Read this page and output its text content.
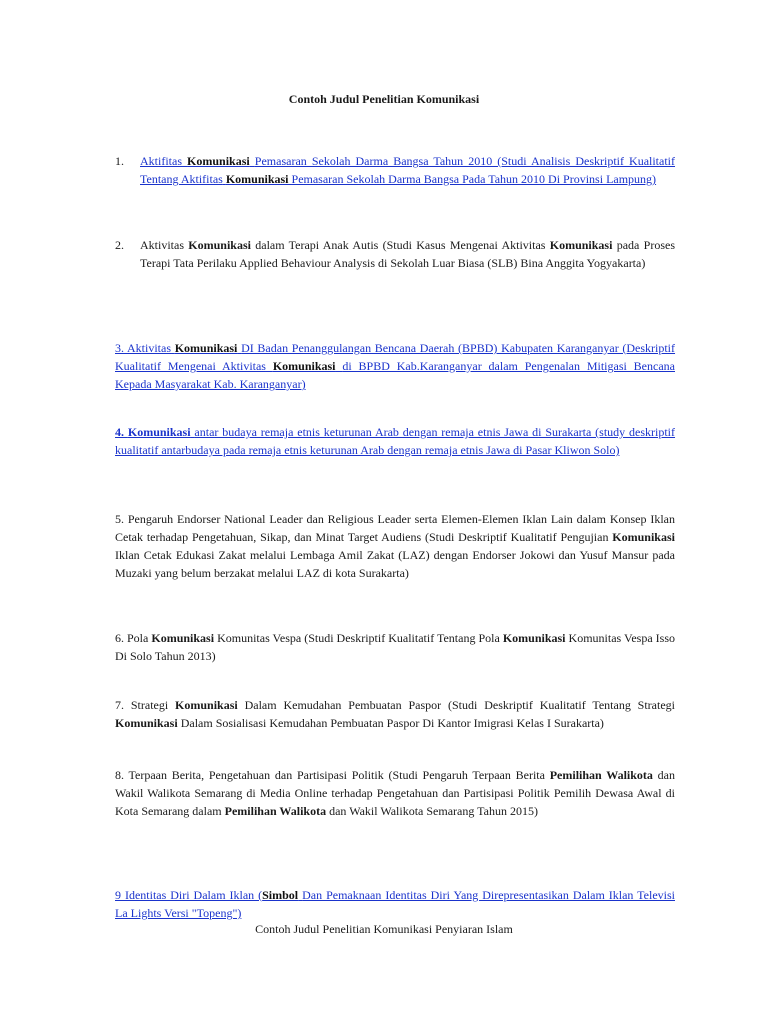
Contoh Judul Penelitian Komunikasi
1. Aktifitas Komunikasi Pemasaran Sekolah Darma Bangsa Tahun 2010 (Studi Analisis Deskriptif Kualitatif Tentang Aktifitas Komunikasi Pemasaran Sekolah Darma Bangsa Pada Tahun 2010 Di Provinsi Lampung)
2. Aktivitas Komunikasi dalam Terapi Anak Autis (Studi Kasus Mengenai Aktivitas Komunikasi pada Proses Terapi Tata Perilaku Applied Behaviour Analysis di Sekolah Luar Biasa (SLB) Bina Anggita Yogyakarta)
3. Aktivitas Komunikasi DI Badan Penanggulangan Bencana Daerah (BPBD) Kabupaten Karanganyar (Deskriptif Kualitatif Mengenai Aktivitas Komunikasi di BPBD Kab.Karanganyar dalam Pengenalan Mitigasi Bencana Kepada Masyarakat Kab. Karanganyar)
4. Komunikasi antar budaya remaja etnis keturunan Arab dengan remaja etnis Jawa di Surakarta (study deskriptif kualitatif antarbudaya pada remaja etnis keturunan Arab dengan remaja etnis Jawa di Pasar Kliwon Solo)
5. Pengaruh Endorser National Leader dan Religious Leader serta Elemen-Elemen Iklan Lain dalam Konsep Iklan Cetak terhadap Pengetahuan, Sikap, dan Minat Target Audiens (Studi Deskriptif Kualitatif Pengujian Komunikasi Iklan Cetak Edukasi Zakat melalui Lembaga Amil Zakat (LAZ) dengan Endorser Jokowi dan Yusuf Mansur pada Muzaki yang belum berzakat melalui LAZ di kota Surakarta)
6. Pola Komunikasi Komunitas Vespa (Studi Deskriptif Kualitatif Tentang Pola Komunikasi Komunitas Vespa Isso Di Solo Tahun 2013)
7. Strategi Komunikasi Dalam Kemudahan Pembuatan Paspor (Studi Deskriptif Kualitatif Tentang Strategi Komunikasi Dalam Sosialisasi Kemudahan Pembuatan Paspor Di Kantor Imigrasi Kelas I Surakarta)
8. Terpaan Berita, Pengetahuan dan Partisipasi Politik (Studi Pengaruh Terpaan Berita Pemilihan Walikota dan Wakil Walikota Semarang di Media Online terhadap Pengetahuan dan Partisipasi Politik Pemilih Dewasa Awal di Kota Semarang dalam Pemilihan Walikota dan Wakil Walikota Semarang Tahun 2015)
9 Identitas Diri Dalam Iklan (Simbol Dan Pemaknaan Identitas Diri Yang Direpresentasikan Dalam Iklan Televisi La Lights Versi "Topeng")
Contoh Judul Penelitian Komunikasi Penyiaran Islam
